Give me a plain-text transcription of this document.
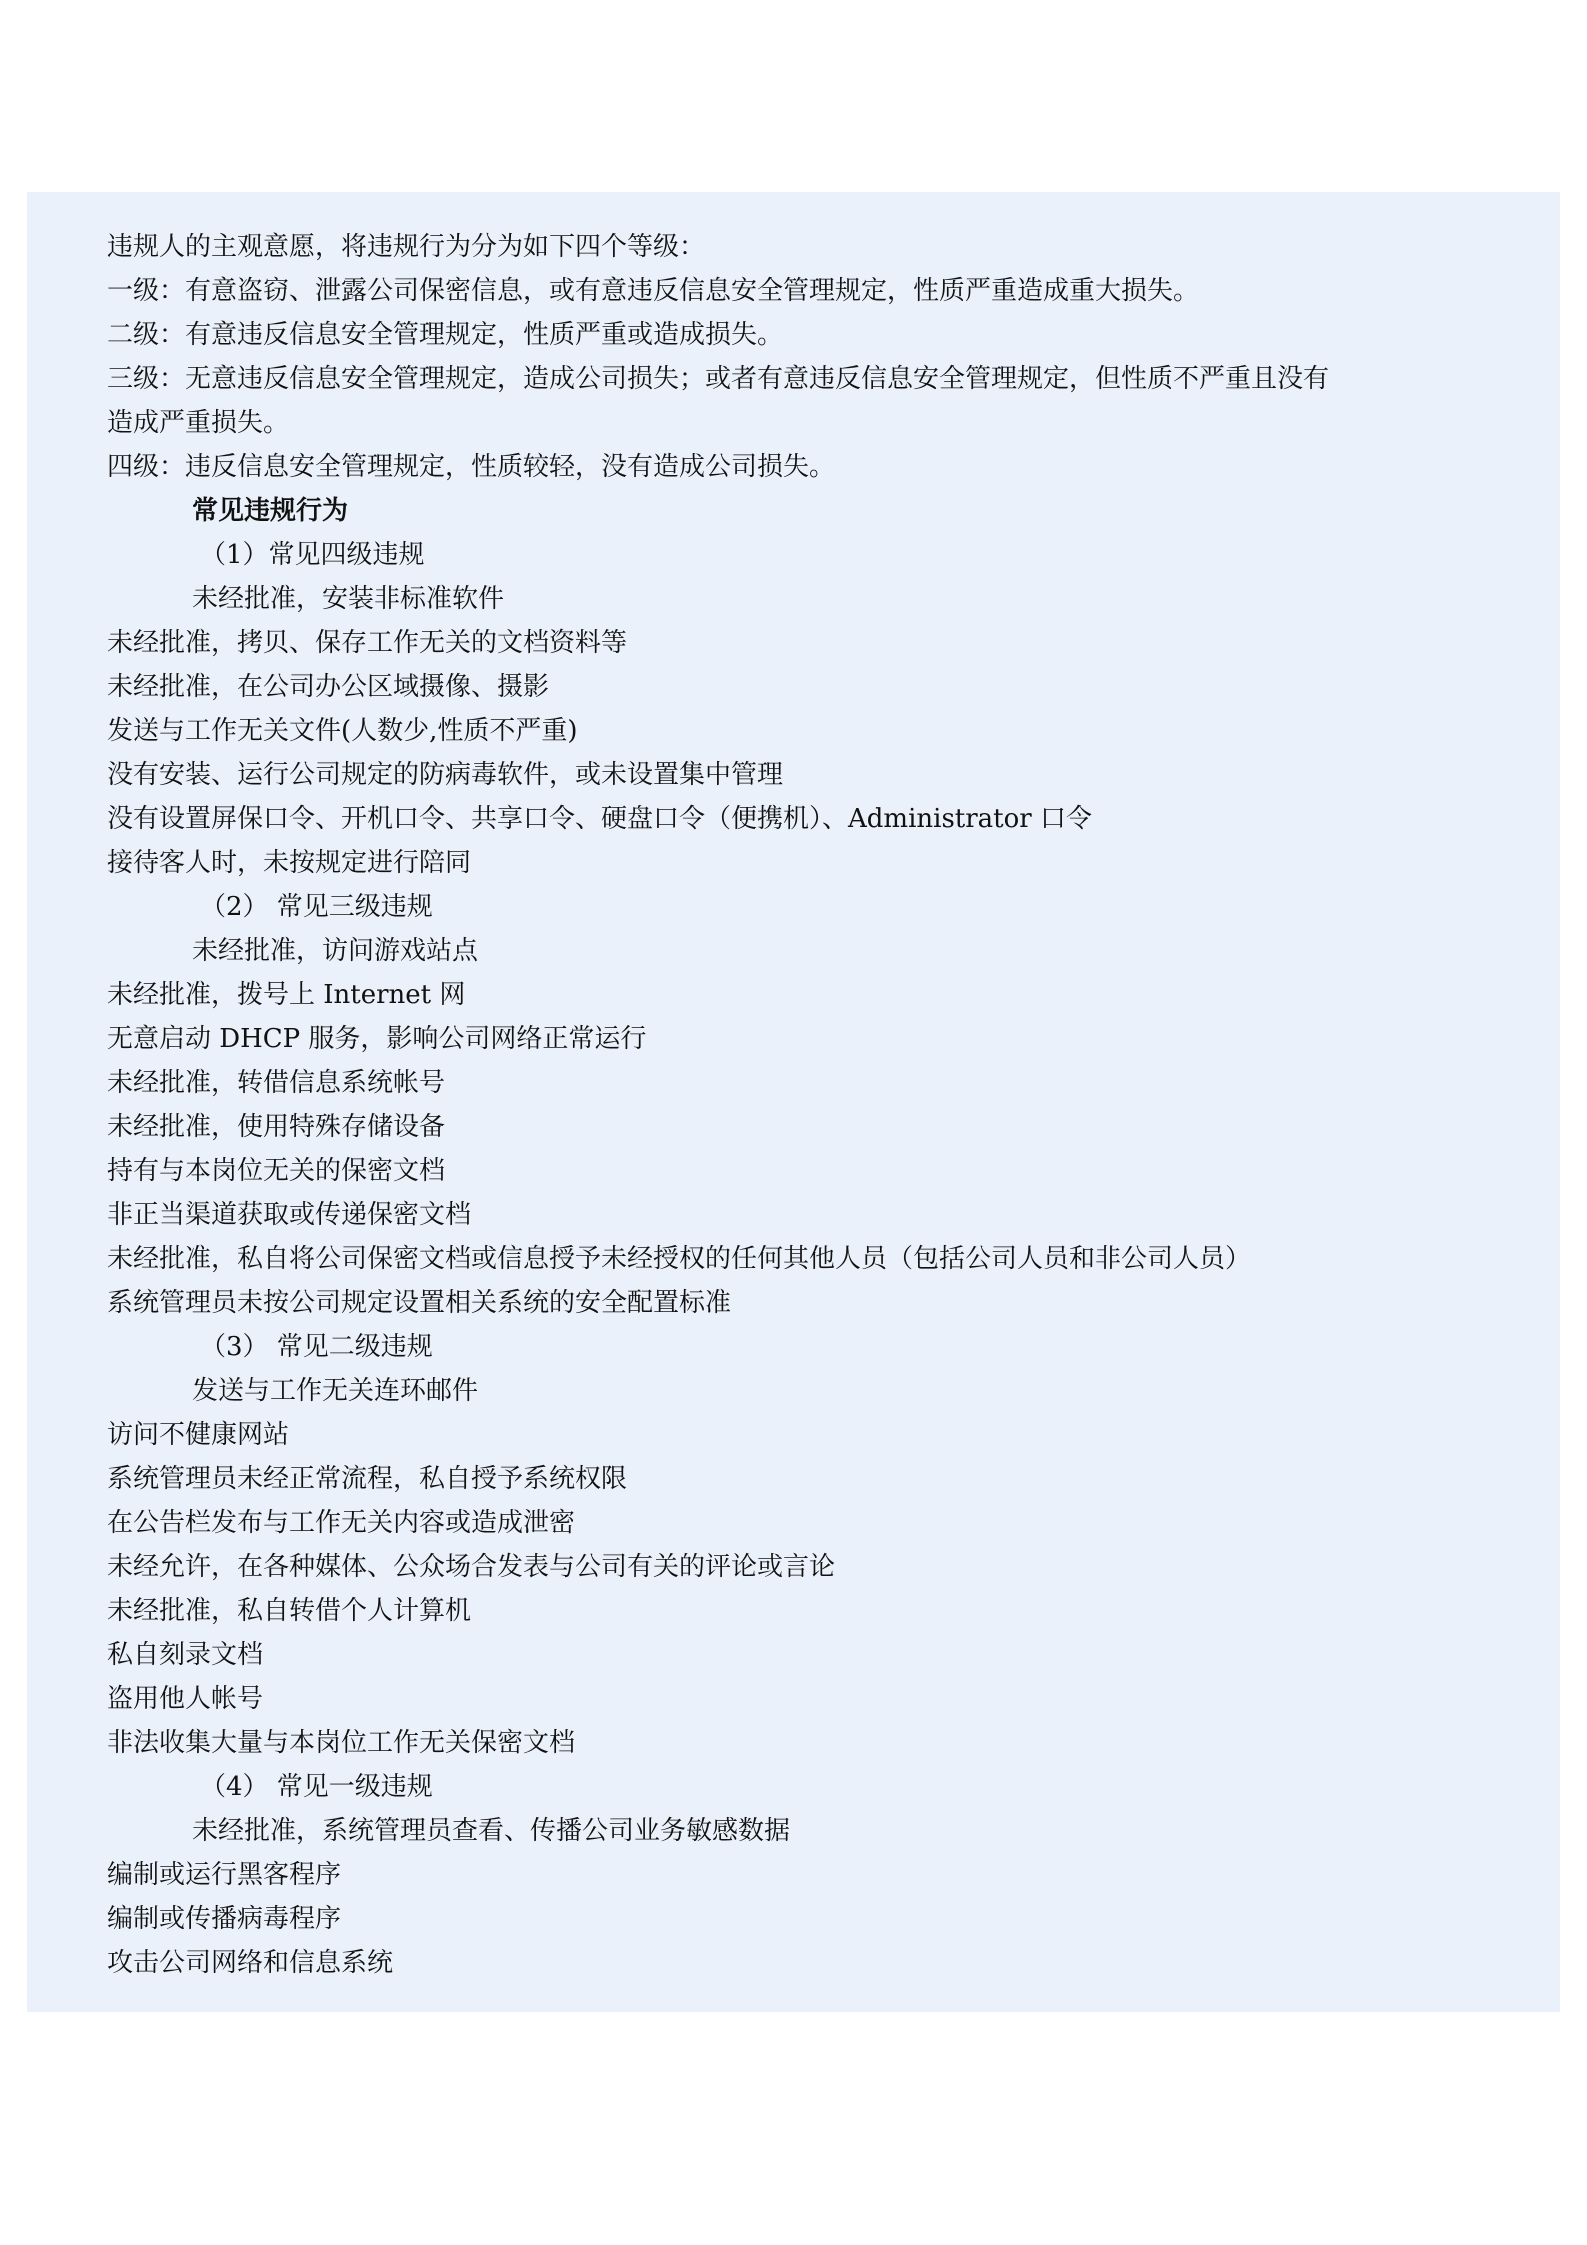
违规人的主观意愿，将违规行为分为如下四个等级：
一级：有意盗窃、泄露公司保密信息，或有意违反信息安全管理规定，性质严重造成重大损失。
二级：有意违反信息安全管理规定，性质严重或造成损失。
三级：无意违反信息安全管理规定，造成公司损失；或者有意违反信息安全管理规定，但性质不严重且没有
造成严重损失。
四级：违反信息安全管理规定，性质较轻，没有造成公司损失。
常见违规行为
（1）常见四级违规
未经批准，安装非标准软件
未经批准，拷贝、保存工作无关的文档资料等
未经批准，在公司办公区域摄像、摄影
发送与工作无关文件(人数少,性质不严重)
没有安装、运行公司规定的防病毒软件，或未设置集中管理
没有设置屏保口令、开机口令、共享口令、硬盘口令（便携机）、Administrator 口令
接待客人时，未按规定进行陪同
（2） 常见三级违规
未经批准，访问游戏站点
未经批准，拨号上 Internet 网
无意启动 DHCP 服务，影响公司网络正常运行
未经批准，转借信息系统帐号
未经批准，使用特殊存储设备
持有与本岗位无关的保密文档
非正当渠道获取或传递保密文档
未经批准，私自将公司保密文档或信息授予未经授权的任何其他人员（包括公司人员和非公司人员）
系统管理员未按公司规定设置相关系统的安全配置标准
（3） 常见二级违规
发送与工作无关连环邮件
访问不健康网站
系统管理员未经正常流程，私自授予系统权限
在公告栏发布与工作无关内容或造成泄密
未经允许，在各种媒体、公众场合发表与公司有关的评论或言论
未经批准，私自转借个人计算机
私自刻录文档
盗用他人帐号
非法收集大量与本岗位工作无关保密文档
（4） 常见一级违规
未经批准，系统管理员查看、传播公司业务敏感数据
编制或运行黑客程序
编制或传播病毒程序
攻击公司网络和信息系统
